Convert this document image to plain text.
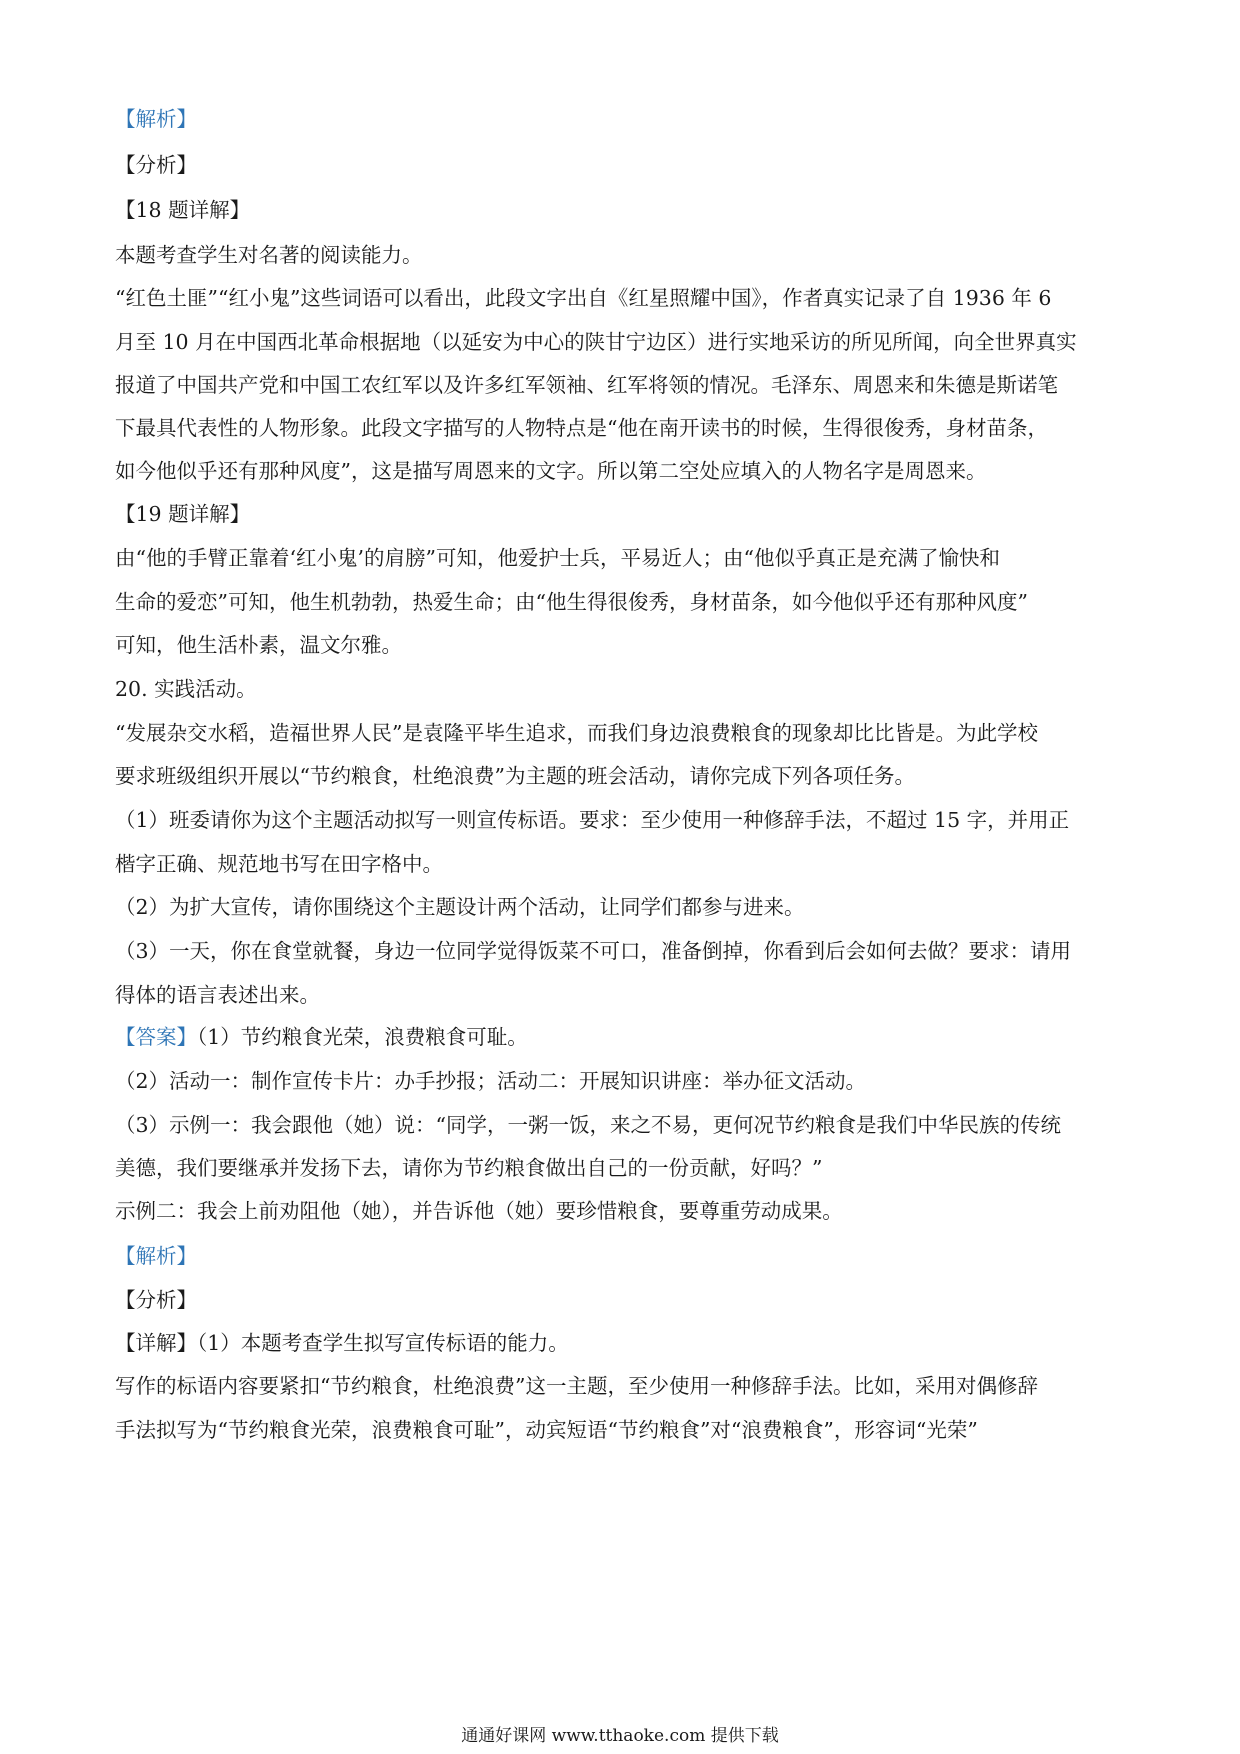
【解析】
【分析】
【18 题详解】
本题考查学生对名著的阅读能力。
“红色土匪”“红小鬼”这些词语可以看出，此段文字出自《红星照耀中国》，作者真实记录了自 1936 年 6
月至 10 月在中国西北革命根据地（以延安为中心的陕甘宁边区）进行实地采访的所见所闻，向全世界真实
报道了中国共产党和中国工农红军以及许多红军领袖、红军将领的情况。毛泽东、周恩来和朱德是斯诺笔
下最具代表性的人物形象。此段文字描写的人物特点是“他在南开读书的时候，生得很俊秀，身材苗条，
如今他似乎还有那种风度”，这是描写周恩来的文字。所以第二空处应填入的人物名字是周恩来。
【19 题详解】
由“他的手臂正靠着‘红小鬼’的肩膀”可知，他爱护士兵，平易近人；由“他似乎真正是充满了愉快和
生命的爱恋”可知，他生机勃勃，热爱生命；由“他生得很俊秀，身材苗条，如今他似乎还有那种风度”
可知，他生活朴素，温文尔雅。
20. 实践活动。
“发展杂交水稻，造福世界人民”是袁隆平毕生追求，而我们身边浪费粮食的现象却比比皆是。为此学校
要求班级组织开展以“节约粮食，杜绝浪费”为主题的班会活动，请你完成下列各项任务。
（1）班委请你为这个主题活动拟写一则宣传标语。要求：至少使用一种修辞手法，不超过 15 字，并用正
楷字正确、规范地书写在田字格中。
（2）为扩大宣传，请你围绕这个主题设计两个活动，让同学们都参与进来。
（3）一天，你在食堂就餐，身边一位同学觉得饭菜不可口，准备倒掉，你看到后会如何去做？要求：请用
得体的语言表述出来。
【答案】（1）节约粮食光荣，浪费粮食可耻。
（2）活动一：制作宣传卡片：办手抄报；活动二：开展知识讲座：举办征文活动。
（3）示例一：我会跟他（她）说：“同学，一粥一饭，来之不易，更何况节约粮食是我们中华民族的传统
美德，我们要继承并发扬下去，请你为节约粮食做出自己的一份贡献，好吗？”
示例二：我会上前劝阻他（她），并告诉他（她）要珍惜粮食，要尊重劳动成果。
【解析】
【分析】
【详解】（1）本题考查学生拟写宣传标语的能力。
写作的标语内容要紧扣“节约粮食，杜绝浪费”这一主题，至少使用一种修辞手法。比如，采用对偶修辞
手法拟写为“节约粮食光荣，浪费粮食可耻”，动宾短语“节约粮食”对“浪费粮食”，形容词“光荣”
通通好课网 www.tthaoke.com 提供下载
